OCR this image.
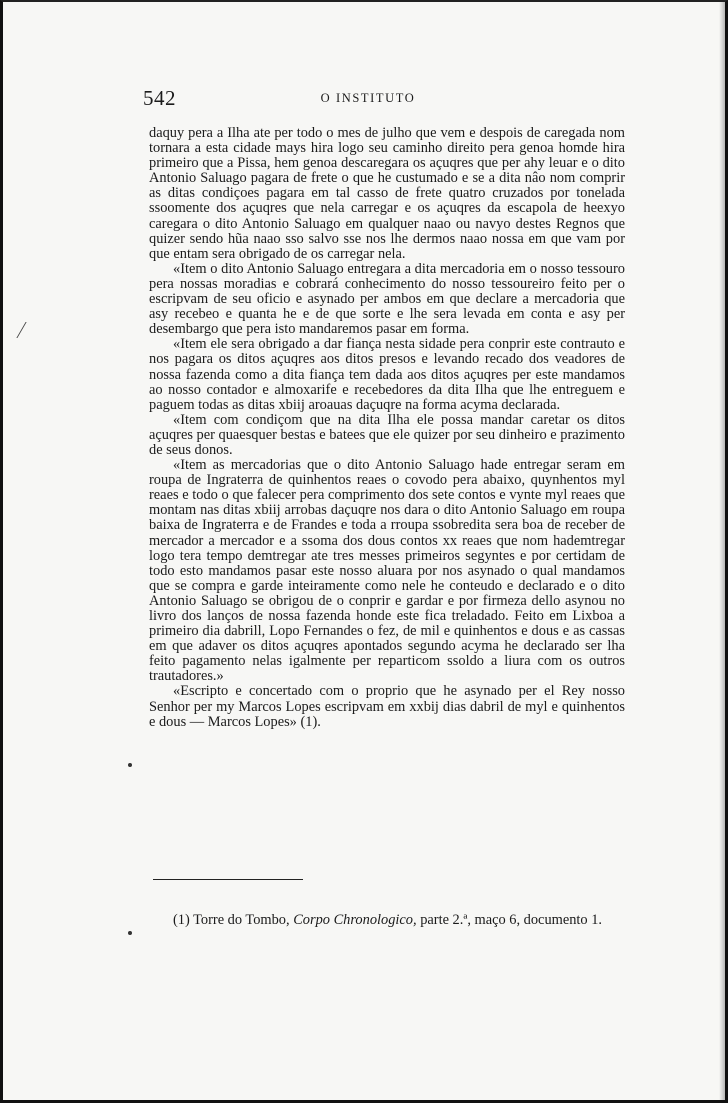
542	O INSTITUTO

daquy pera a Ilha ate per todo o mes de julho que vem e despois de caregada nom tornara a esta cidade mays hira logo seu caminho direito pera genoa homde hira primeiro que a Pissa, hem genoa descaregara os açuqres que per ahy leuar e o dito Antonio Saluago pagara de frete o que he custumado e se a dita nâo nom comprir as ditas condiçoes pagara em tal casso de frete quatro cruzados por tonelada ssoomente dos açuqres que nela carregar e os açuqres da escapola de heexyo caregara o dito Antonio Saluago em qualquer naao ou navyo destes Regnos que quizer sendo hũa naao sso salvo sse nos lhe dermos naao nossa em que vam por que entam sera obrigado de os carregar nela.

«Item o dito Antonio Saluago entregara a dita mercadoria em o nosso tessouro pera nossas moradias e cobrará conhecimento do nosso tessoureiro feito per o escripvam de seu oficio e asynado per ambos em que declare a mercadoria que asy recebeo e quanta he e de que sorte e lhe sera levada em conta e asy per desembargo que pera isto mandaremos pasar em forma.

«Item ele sera obrigado a dar fiança nesta sidade pera conprir este contrauto e nos pagara os ditos açuqres aos ditos presos e levando recado dos veadores de nossa fazenda como a dita fiança tem dada aos ditos açuqres per este mandamos ao nosso contador e almoxarife e recebedores da dita Ilha que lhe entreguem e paguem todas as ditas xbiij aroauas daçuqre na forma acyma declarada.

«Item com condiçom que na dita Ilha ele possa mandar caretar os ditos açuqres per quaesquer bestas e batees que ele quizer por seu dinheiro e prazimento de seus donos.

«Item as mercadorias que o dito Antonio Saluago hade entregar seram em roupa de Ingraterra de quinhentos reaes o covodo pera abaixo, quynhentos myl reaes e todo o que falecer pera comprimento dos sete contos e vynte myl reaes que montam nas ditas xbiij arrobas daçuqre nos dara o dito Antonio Saluago em roupa baixa de Ingraterra e de Frandes e toda a rroupa ssobredita sera boa de receber de mercador a mercador e a ssoma dos dous contos xx reaes que nom hademtregar logo tera tempo demtregar ate tres messes primeiros segyntes e por certidam de todo esto mandamos pasar este nosso aluara por nos asynado o qual mandamos que se compra e garde inteiramente como nele he conteudo e declarado e o dito Antonio Saluago se obrigou de o conprir e gardar e por firmeza dello asynou no livro dos lanços de nossa fazenda honde este fica treladado. Feito em Lixboa a primeiro dia dabrill, Lopo Fernandes o fez, de mil e quinhentos e dous e as cassas em que adaver os ditos açuqres apontados segundo acyma he declarado ser lha feito pagamento nelas igalmente per reparticom ssoldo a liura com os outros trautadores.»

«Escripto e concertado com o proprio que he asynado per el Rey nosso Senhor per my Marcos Lopes escripvam em xxbij dias dabril de myl e quinhentos e dous — Marcos Lopes» (1).

(1) Torre do Tombo, Corpo Chronologico, parte 2.ª, maço 6, documento 1.
